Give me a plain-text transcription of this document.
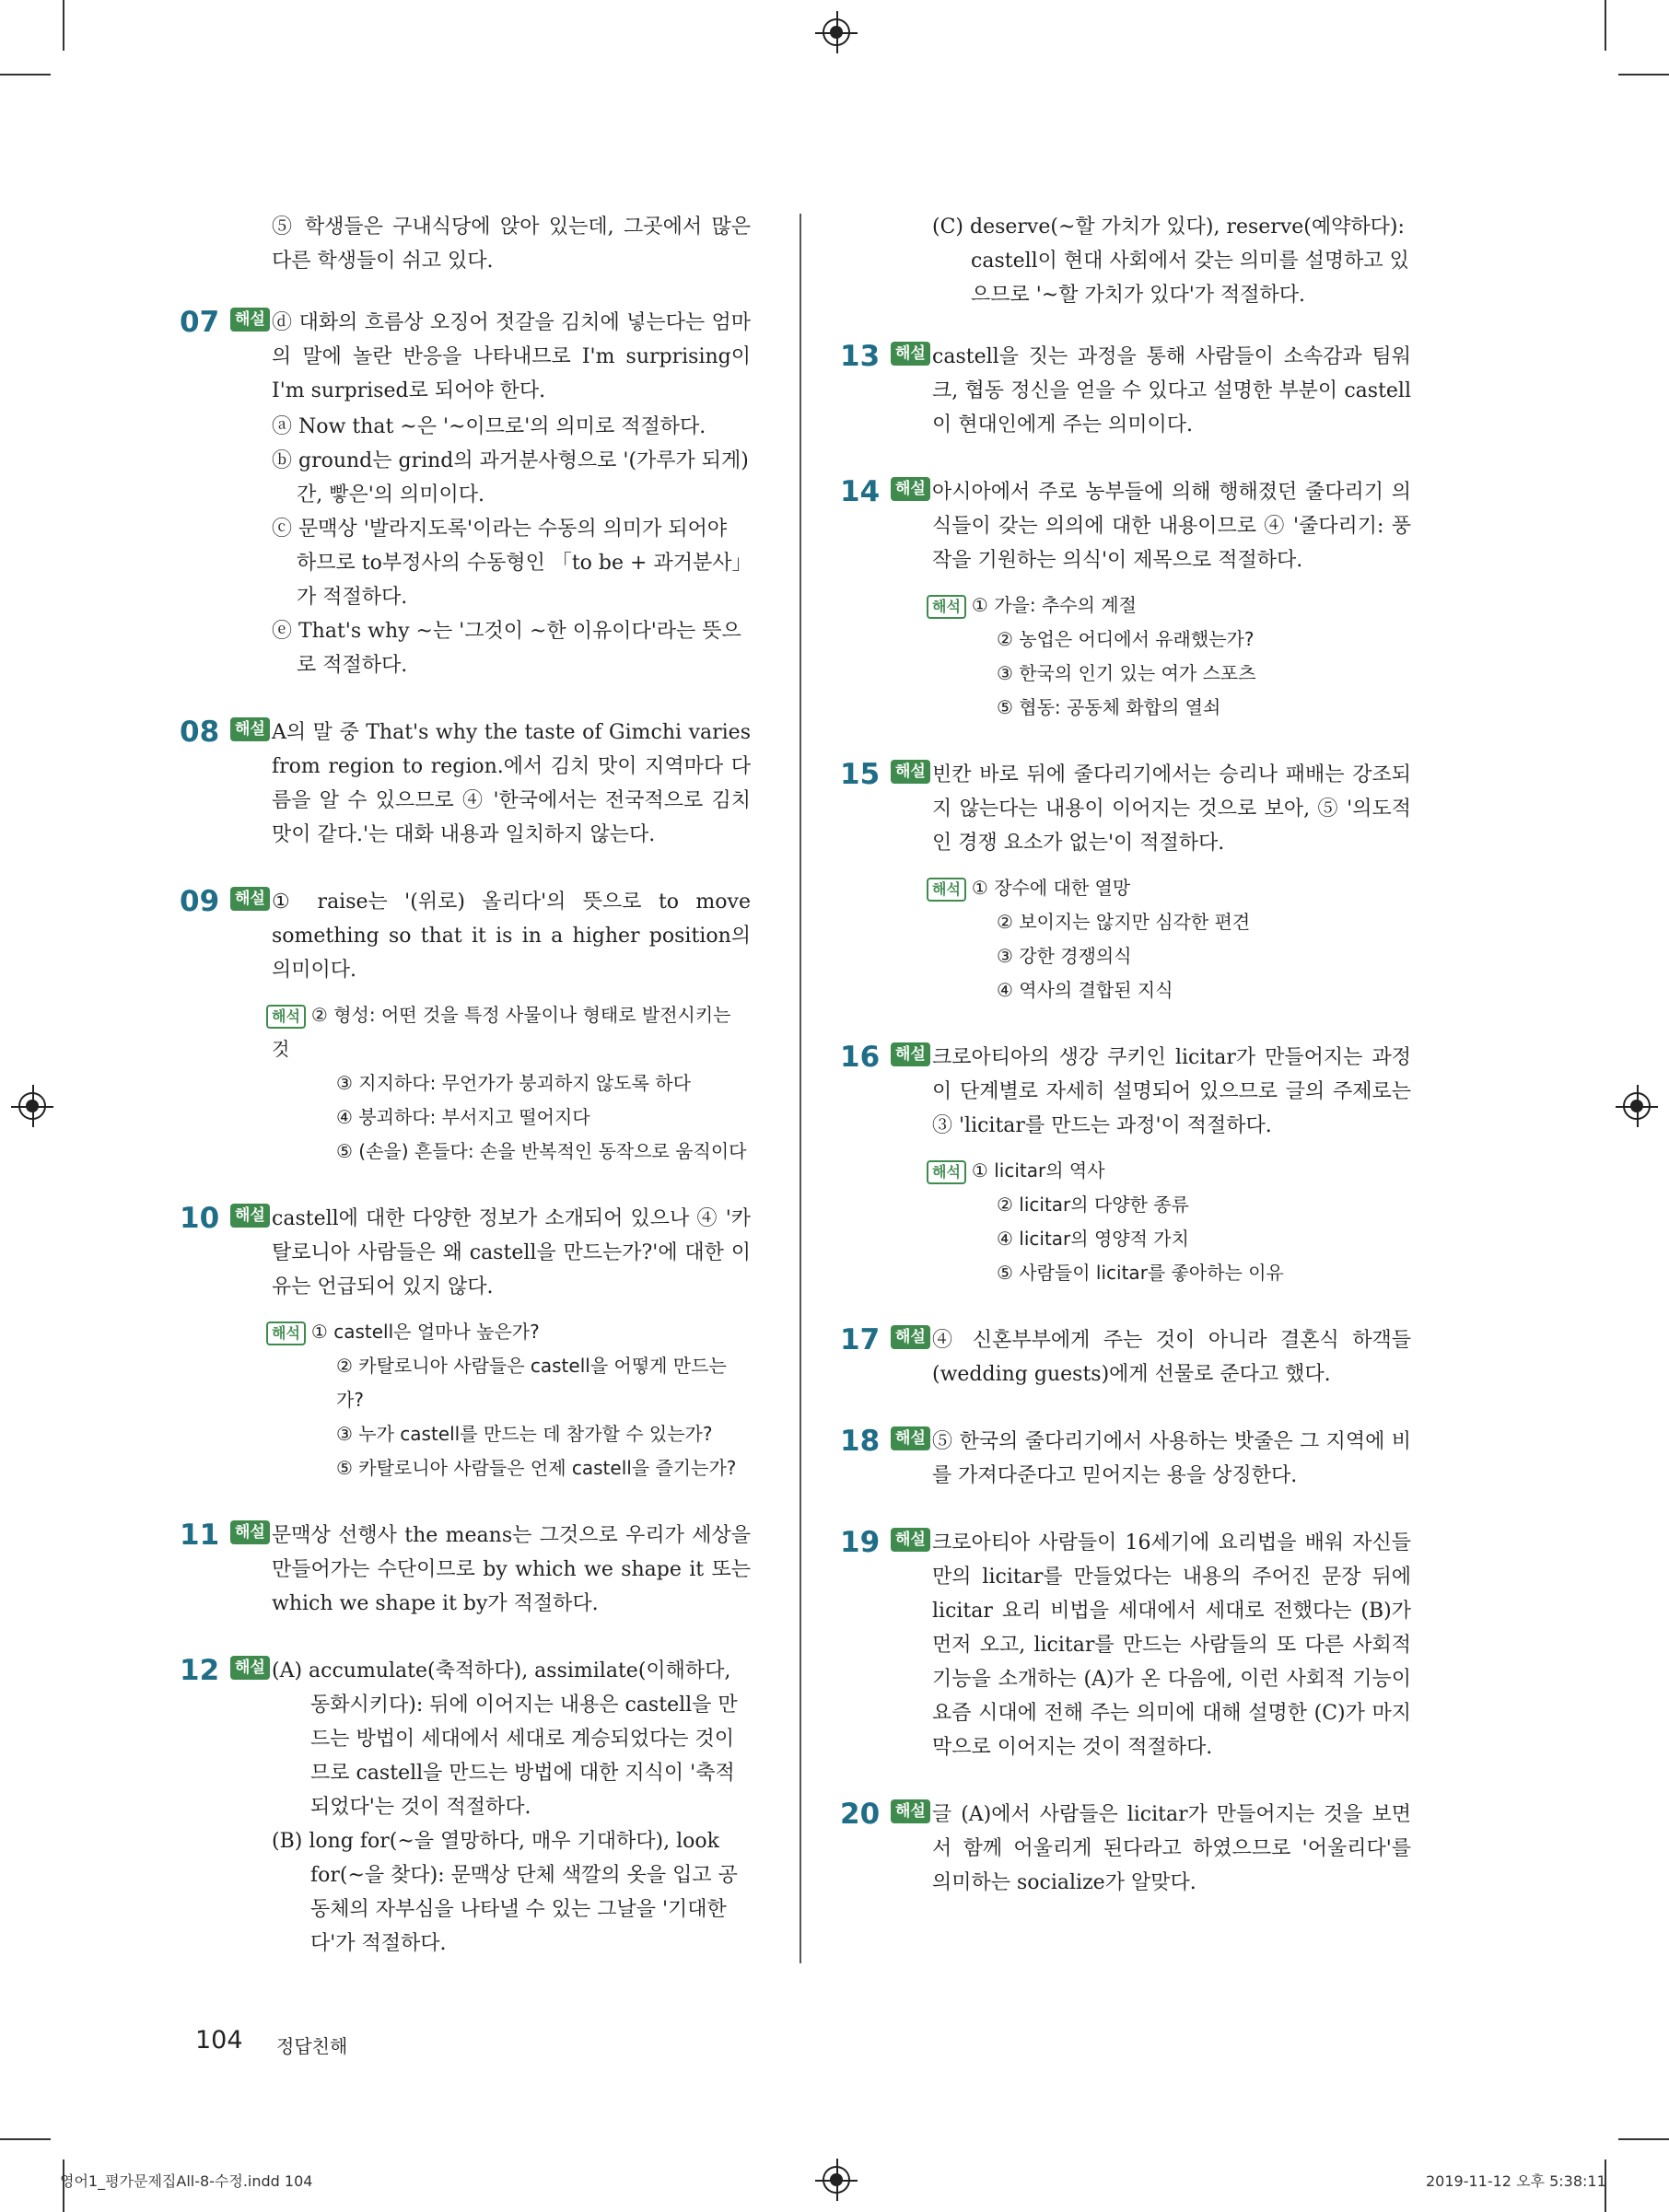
⑤ 학생들은 구내식당에 앉아 있는데, 그곳에서 많은 다른 학생들이 쉬고 있다.

07 해설 ⓓ 대화의 흐름상 오징어 젓갈을 김치에 넣는다는 엄마의 말에 놀란 반응을 나타내므로 I'm surprising이 I'm surprised로 되어야 한다.

ⓐ Now that ~은 '~이므로'의 의미로 적절하다.

ⓑ ground는 grind의 과거분사형으로 '(가루가 되게) 간, 빻은'의 의미이다.

ⓒ 문맥상 '발라지도록'이라는 수동의 의미가 되어야 하므로 to부정사의 수동형인 「to be + 과거분사」가 적절하다.

ⓔ That's why ~는 '그것이 ~한 이유이다'라는 뜻으로 적절하다.

08 해설 A의 말 중 That's why the taste of Gimchi varies from region to region.에서 김치 맛이 지역마다 다름을 알 수 있으므로 ④ '한국에서는 전국적으로 김치 맛이 같다.'는 대화 내용과 일치하지 않는다.

09 해설 ① raise는 '(위로) 올리다'의 뜻으로 to move something so that it is in a higher position의 의미이다.

해석 ② 형성: 어떤 것을 특정 사물이나 형태로 발전시키는 것
③ 지지하다: 무언가가 붕괴하지 않도록 하다
④ 붕괴하다: 부서지고 떨어지다
⑤ (손을) 흔들다: 손을 반복적인 동작으로 움직이다
10 해설 castell에 대한 다양한 정보가 소개되어 있으나 ④ '카탈로니아 사람들은 왜 castell을 만드는가?'에 대한 이유는 언급되어 있지 않다.

해석 ① castell은 얼마나 높은가?
② 카탈로니아 사람들은 castell을 어떻게 만드는가?
③ 누가 castell를 만드는 데 참가할 수 있는가?
⑤ 카탈로니아 사람들은 언제 castell을 즐기는가?
11 해설 문맥상 선행사 the means는 그것으로 우리가 세상을 만들어가는 수단이므로 by which we shape it 또는 which we shape it by가 적절하다.

12 해설 (A) accumulate(축적하다), assimilate(이해하다, 동화시키다): 뒤에 이어지는 내용은 castell을 만드는 방법이 세대에서 세대로 계승되었다는 것이므로 castell을 만드는 방법에 대한 지식이 '축적되었다'는 것이 적절하다.

(B) long for(~을 열망하다, 매우 기대하다), look for(~을 찾다): 문맥상 단체 색깔의 옷을 입고 공동체의 자부심을 나타낼 수 있는 그날을 '기대한다'가 적절하다.

(C) deserve(~할 가치가 있다), reserve(예약하다): castell이 현대 사회에서 갖는 의미를 설명하고 있으므로 '~할 가치가 있다'가 적절하다.

13 해설 castell을 짓는 과정을 통해 사람들이 소속감과 팀워크, 협동 정신을 얻을 수 있다고 설명한 부분이 castell이 현대인에게 주는 의미이다.

14 해설 아시아에서 주로 농부들에 의해 행해졌던 줄다리기 의식들이 갖는 의의에 대한 내용이므로 ④ '줄다리기: 풍작을 기원하는 의식'이 제목으로 적절하다.

해석 ① 가을: 추수의 계절
② 농업은 어디에서 유래했는가?
③ 한국의 인기 있는 여가 스포츠
⑤ 협동: 공동체 화합의 열쇠
15 해설 빈칸 바로 뒤에 줄다리기에서는 승리나 패배는 강조되지 않는다는 내용이 이어지는 것으로 보아, ⑤ '의도적인 경쟁 요소가 없는'이 적절하다.

해석 ① 장수에 대한 열망
② 보이지는 않지만 심각한 편견
③ 강한 경쟁의식
④ 역사의 결합된 지식
16 해설 크로아티아의 생강 쿠키인 licitar가 만들어지는 과정이 단계별로 자세히 설명되어 있으므로 글의 주제로는 ③ 'licitar를 만드는 과정'이 적절하다.

해석 ① licitar의 역사
② licitar의 다양한 종류
④ licitar의 영양적 가치
⑤ 사람들이 licitar를 좋아하는 이유
17 해설 ④ 신혼부부에게 주는 것이 아니라 결혼식 하객들(wedding guests)에게 선물로 준다고 했다.

18 해설 ⑤ 한국의 줄다리기에서 사용하는 밧줄은 그 지역에 비를 가져다준다고 믿어지는 용을 상징한다.

19 해설 크로아티아 사람들이 16세기에 요리법을 배워 자신들만의 licitar를 만들었다는 내용의 주어진 문장 뒤에 licitar 요리 비법을 세대에서 세대로 전했다는 (B)가 먼저 오고, licitar를 만드는 사람들의 또 다른 사회적 기능을 소개하는 (A)가 온 다음에, 이런 사회적 기능이 요즘 시대에 전해 주는 의미에 대해 설명한 (C)가 마지막으로 이어지는 것이 적절하다.

20 해설 글 (A)에서 사람들은 licitar가 만들어지는 것을 보면서 함께 어울리게 된다라고 하였으므로 '어울리다'를 의미하는 socialize가 알맞다.

104 정답친해
영어1_평가문제집All-8-수정.indd 104	2019-11-12 오후 5:38:11
